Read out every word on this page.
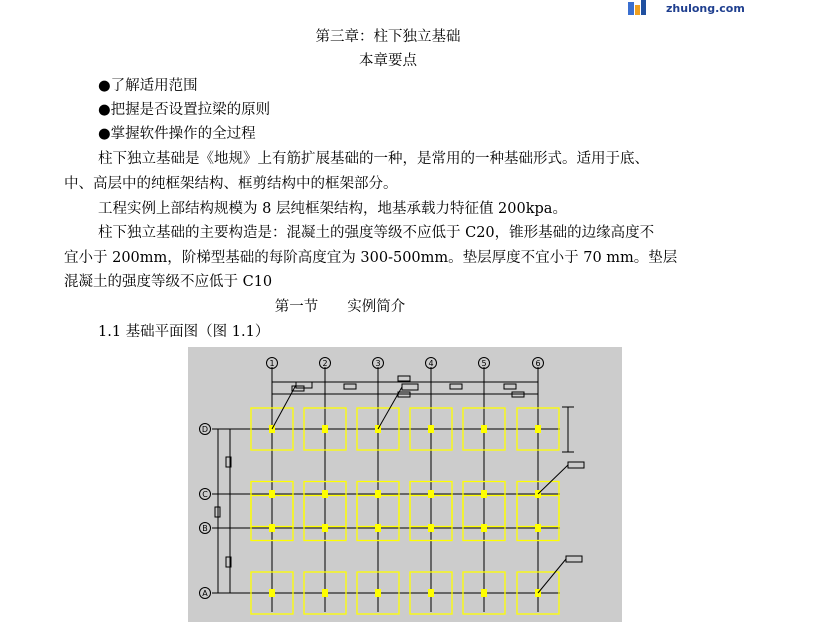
zhulong.com
第三章：柱下独立基础
本章要点
●了解适用范围
●把握是否设置拉梁的原则
●掌握软件操作的全过程
柱下独立基础是《地规》上有筋扩展基础的一种，是常用的一种基础形式。适用于底、
中、高层中的纯框架结构、框剪结构中的框架部分。
工程实例上部结构规模为 8 层纯框架结构，地基承载力特征值 200kpa。
柱下独立基础的主要构造是：混凝土的强度等级不应低于 C20，锥形基础的边缘高度不
宜小于 200mm，阶梯型基础的每阶高度宜为 300-500mm。垫层厚度不宜小于 70 mm。垫层
混凝土的强度等级不应低于 C10
第一节　　实例简介
1.1 基础平面图（图 1.1）
1	2	3	4	5	6
D
C
B
A
